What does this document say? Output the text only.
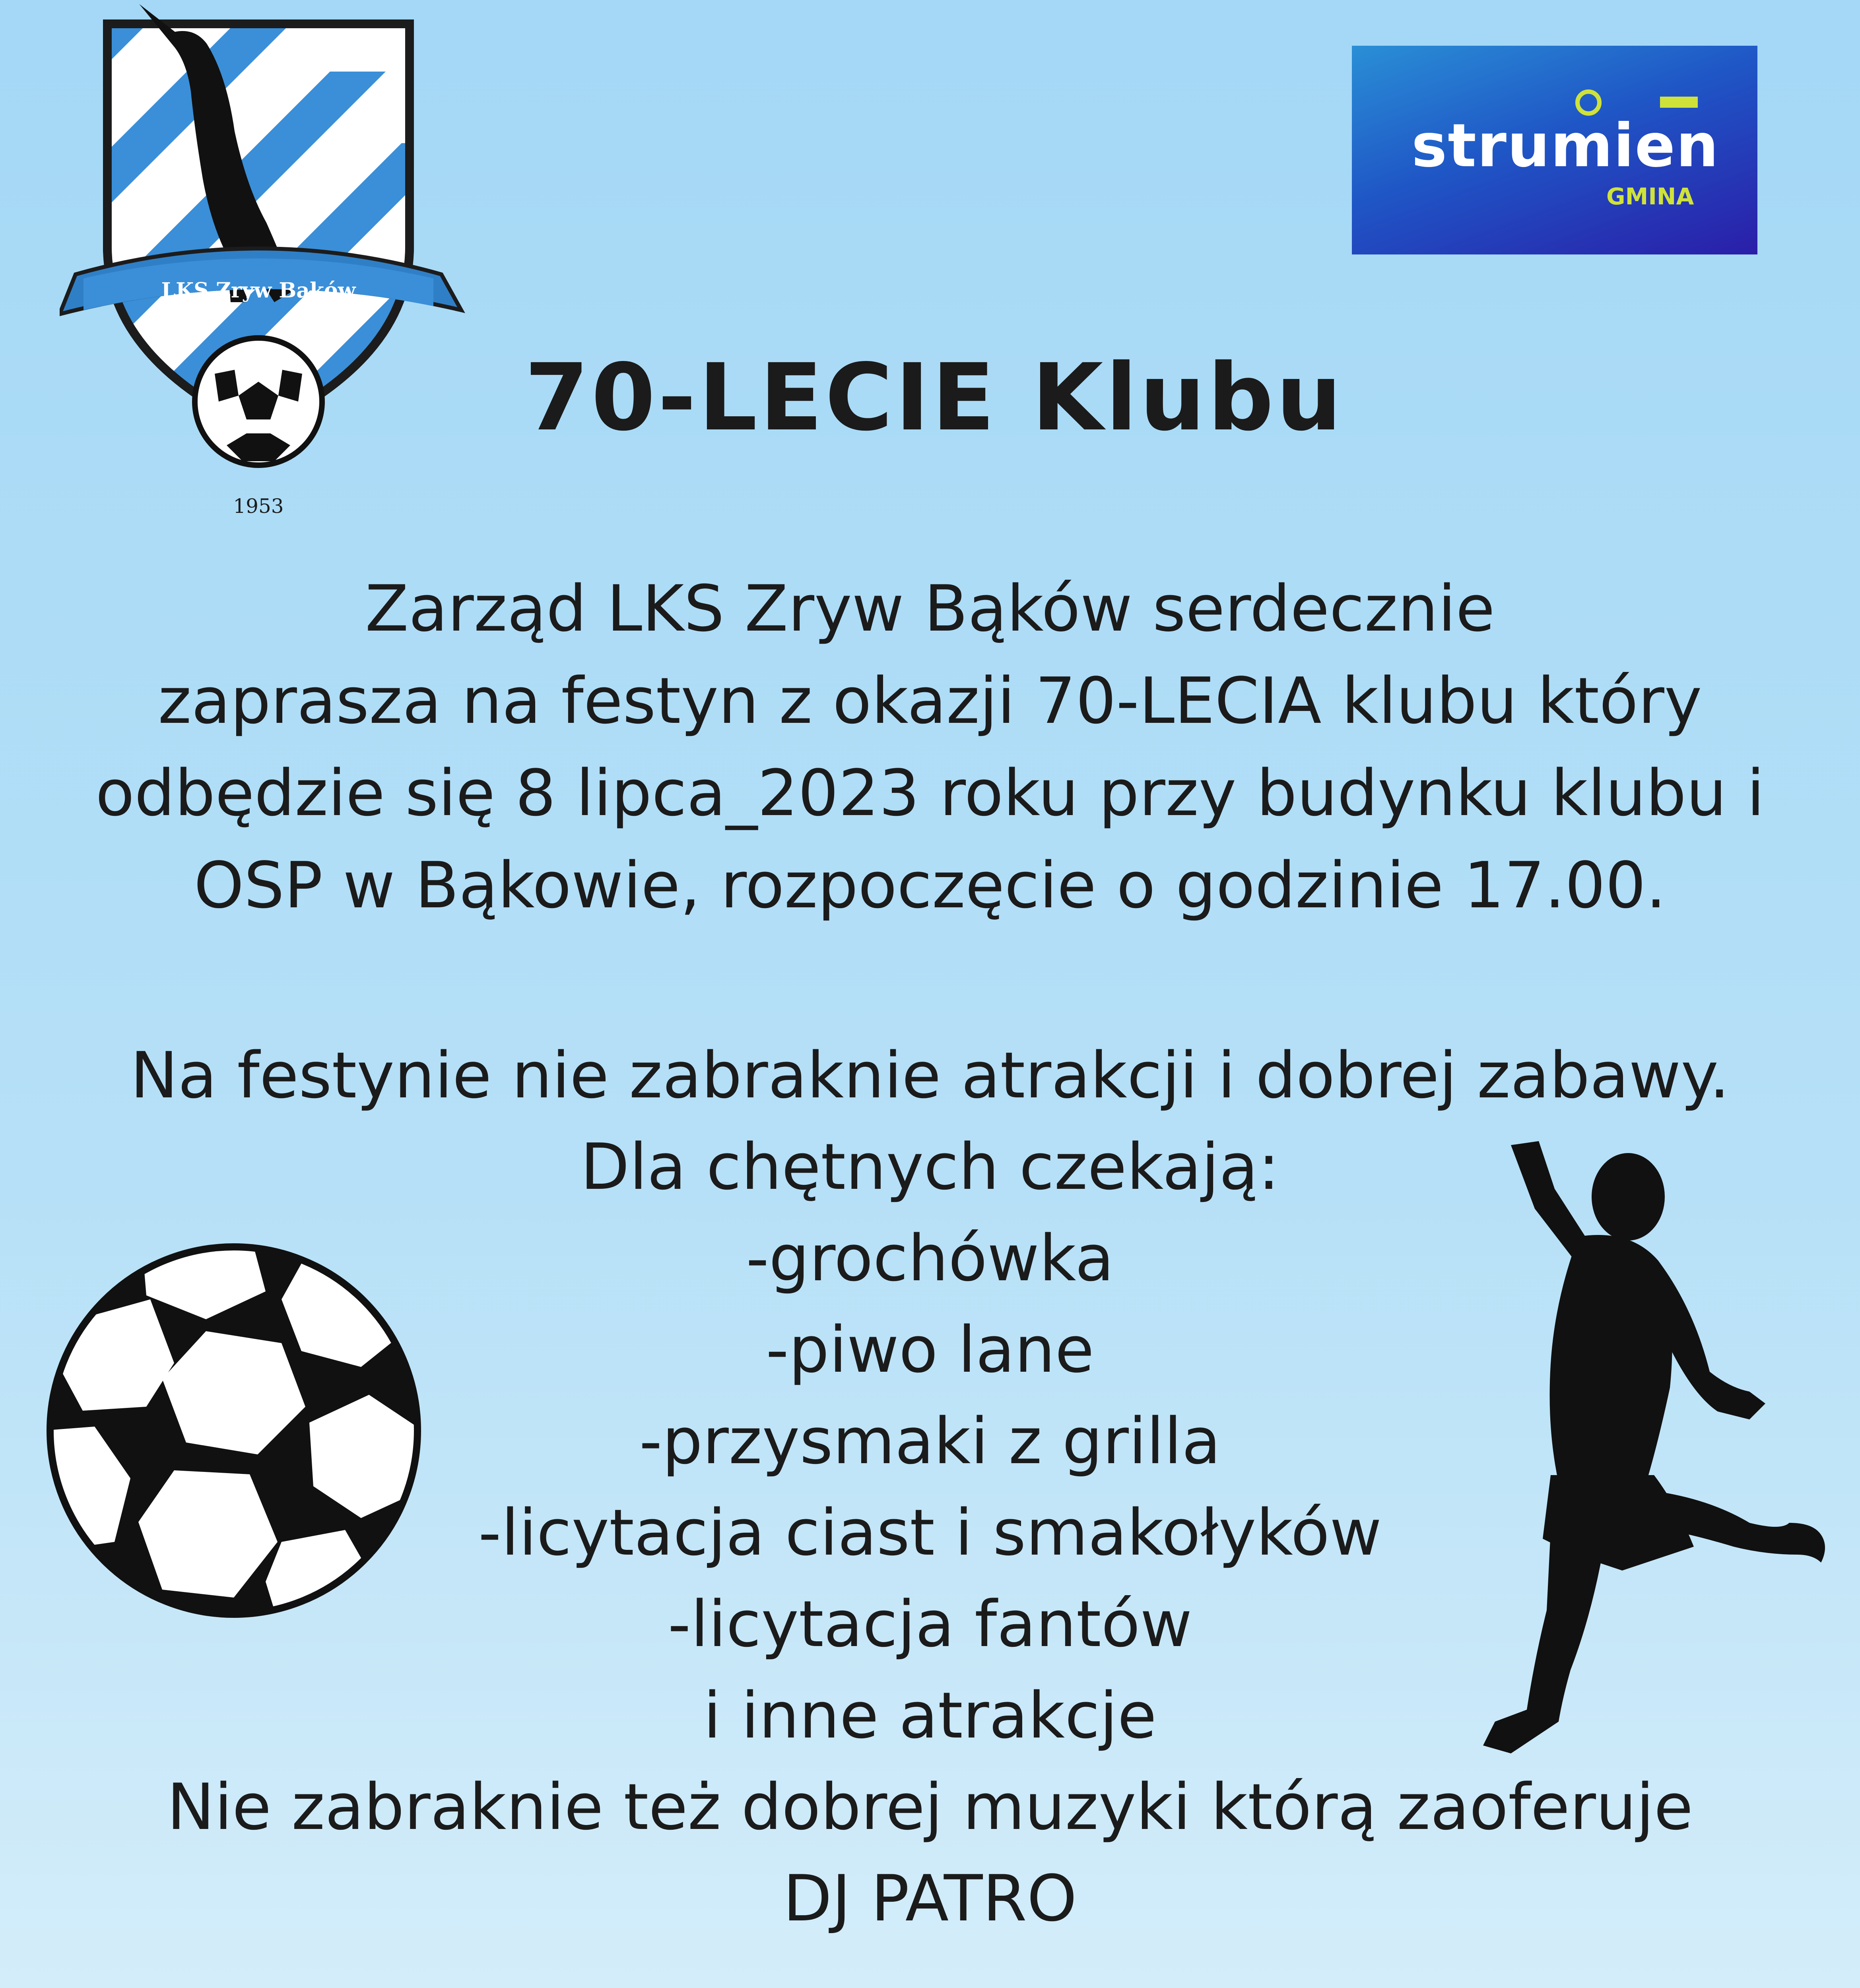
LKS Zryw Bąków
1953
strumien
GMINA
70-LECIE Klubu
Zarząd LKS Zryw Bąków serdecznie
zaprasza na festyn z okazji 70-LECIA klubu który
odbędzie się 8 lipca_2023 roku przy budynku klubu i
OSP w Bąkowie, rozpoczęcie o godzinie 17.00.
Na festynie nie zabraknie atrakcji i dobrej zabawy.
Dla chętnych czekają:
-grochówka
-piwo lane
-przysmaki z grilla
-licytacja ciast i smakołyków
-licytacja fantów
i inne atrakcje
Nie zabraknie też dobrej muzyki którą zaoferuje
DJ PATRO
